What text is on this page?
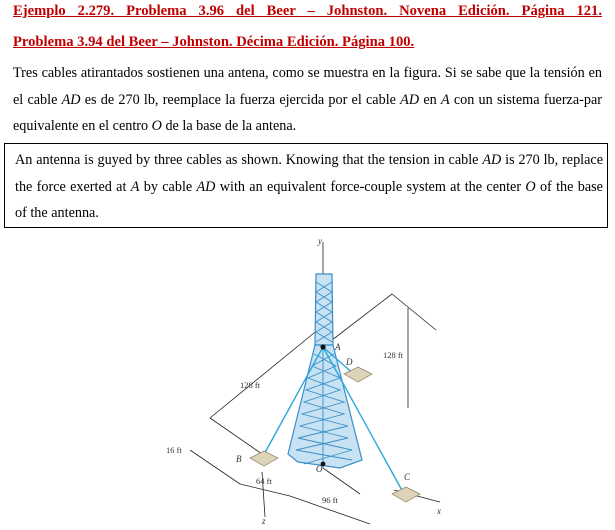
Ejemplo 2.279. Problema 3.96 del Beer – Johnston. Novena Edición. Página 121.
Problema 3.94 del Beer – Johnston. Décima Edición. Página 100.
Tres cables atirantados sostienen una antena, como se muestra en la figura. Si se sabe que la tensión en el cable AD es de 270 lb, reemplace la fuerza ejercida por el cable AD en A con un sistema fuerza-par equivalente en el centro O de la base de la antena.
An antenna is guyed by three cables as shown. Knowing that the tension in cable AD is 270 lb, replace the force exerted at A by cable AD with an equivalent force-couple system at the center O of the base of the antenna.
y
A
D
O
B
C
x
z
128 ft
128 ft
16 ft
64 ft
96 ft
